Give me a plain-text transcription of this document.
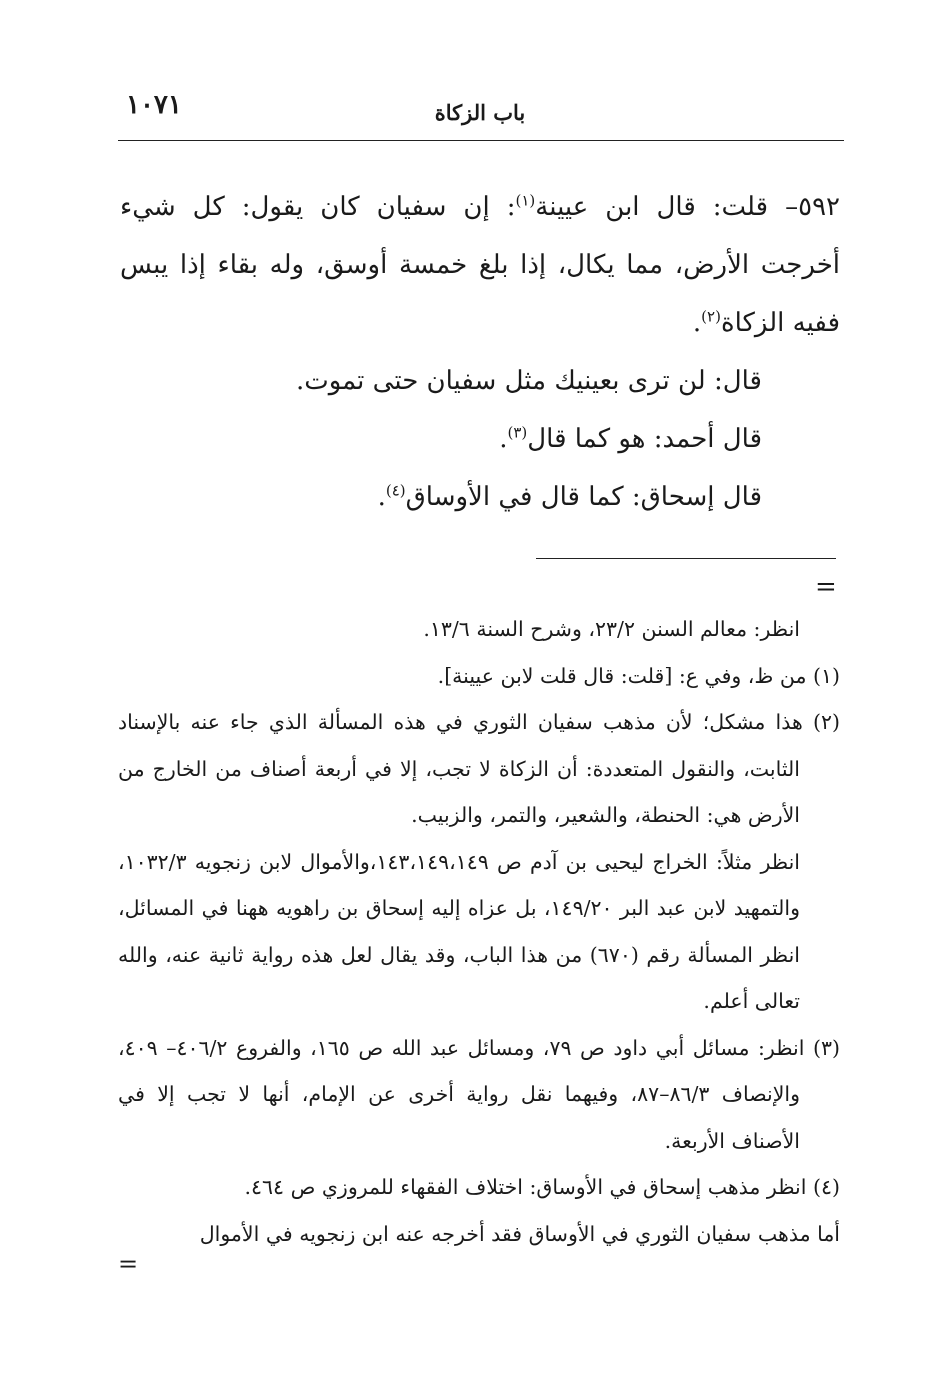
١٠٧١	باب الزكاة

٥٩٢– قلت: قال ابن عيينة$^{(١)}$: إن سفيان كان يقول: كل شيء أخرجت الأرض، مما يكال، إذا بلغ خمسة أوسق، وله بقاء إذا يبس ففيه الزكاة$^{(٢)}$.

قال: لن ترى بعينيك مثل سفيان حتى تموت.

قال أحمد: هو كما قال$^{(٣)}$.

قال إسحاق: كما قال في الأوساق$^{(٤)}$.

=

انظر: معالم السنن ٢٣/٢، وشرح السنة ١٣/٦.

(١) من ظ، وفي ع: [قلت: قال قلت لابن عيينة].

(٢) هذا مشكل؛ لأن مذهب سفيان الثوري في هذه المسألة الذي جاء عنه بالإسناد الثابت، والنقول المتعددة: أن الزكاة لا تجب، إلا في أربعة أصناف من الخارج من الأرض هي: الحنطة، والشعير، والتمر، والزبيب.

انظر مثلاً: الخراج ليحيى بن آدم ص ١٤٣،١٤٩،١٤٩،والأموال لابن زنجويه ١٠٣٢/٣، والتمهيد لابن عبد البر ١٤٩/٢٠، بل عزاه إليه إسحاق بن راهويه ههنا في المسائل، انظر المسألة رقم (٦٧٠) من هذا الباب، وقد يقال لعل هذه رواية ثانية عنه، والله تعالى أعلم.

(٣) انظر: مسائل أبي داود ص ٧٩، ومسائل عبد الله ص ١٦٥، والفروع ٤٠٦/٢– ٤٠٩، والإنصاف ٨٦/٣–٨٧، وفيهما نقل رواية أخرى عن الإمام، أنها لا تجب إلا في الأصناف الأربعة.

(٤) انظر مذهب إسحاق في الأوساق: اختلاف الفقهاء للمروزي ص ٤٦٤.

أما مذهب سفيان الثوري في الأوساق فقد أخرجه عنه ابن زنجويه في الأموال

=
